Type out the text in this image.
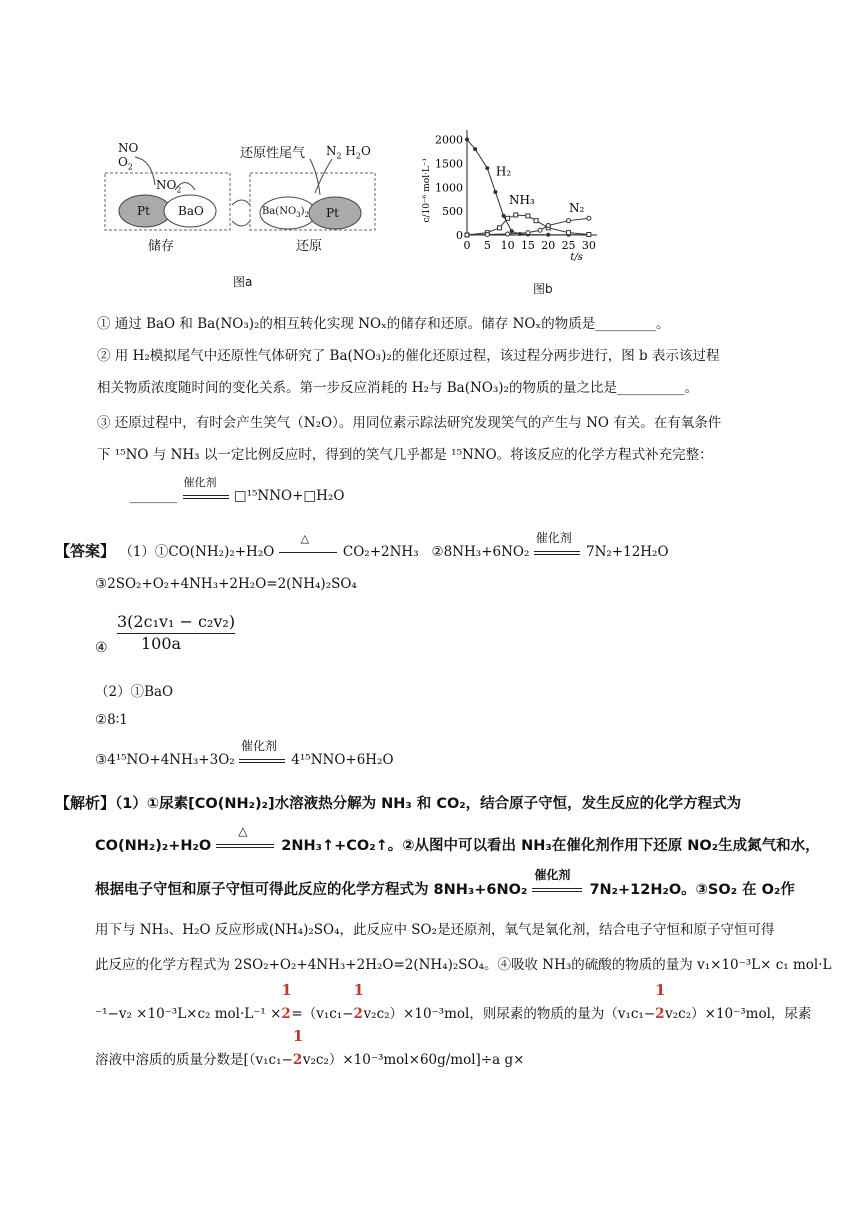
NO
$O_2$
$NO_2$
Pt BaO
还原性尾气 $N_2$ $H_2O$
$Ba(NO_3)_2$ Pt
储存	还原
图a
0
500
1000
1500
2000
0 5 10 15 20 25 30
t/s
c/10⁻⁶ mol·L⁻¹	H₂
NH₃
N₂
图b
① 通过 BaO 和 Ba(NO₃)₂的相互转化实现 NOₓ的储存和还原。储存 NOₓ的物质是_________。
② 用 H₂模拟尾气中还原性气体研究了 Ba(NO₃)₂的催化还原过程，该过程分两步进行，图 b 表示该过程
相关物质浓度随时间的变化关系。第一步反应消耗的 H₂与 Ba(NO₃)₂的物质的量之比是__________。
③ 还原过程中，有时会产生笑气（N₂O）。用同位素示踪法研究发现笑气的产生与 NO 有关。在有氧条件
下 ¹⁵NO 与 NH₃ 以一定比例反应时，得到的笑气几乎都是 ¹⁵NNO。将该反应的化学方程式补充完整：
_______
催化剂
□¹⁵NNO+□H₂O
【答案】 （1）①CO(NH₂)₂+H₂O
△
CO₂+2NH₃ ②8NH₃+6NO₂
催化剂
7N₂+12H₂O
③2SO₂+O₂+4NH₃+2H₂O=2(NH₄)₂SO₄
④
3(2c₁v₁ − c₂v₂)
100a
（2）①BaO
②8∶1
③4¹⁵NO+4NH₃+3O₂
催化剂
4¹⁵NNO+6H₂O
【解析】（1）①尿素[CO(NH₂)₂]水溶液热分解为 NH₃ 和 CO₂，结合原子守恒，发生反应的化学方程式为
CO(NH₂)₂+H₂O
△
2NH₃↑+CO₂↑。②从图中可以看出 NH₃在催化剂作用下还原 NO₂生成氮气和水，
根据电子守恒和原子守恒可得此反应的化学方程式为 8NH₃+6NO₂
催化剂
7N₂+12H₂O。③SO₂ 在 O₂作
用下与 NH₃、H₂O 反应形成(NH₄)₂SO₄，此反应中 SO₂是还原剂，氧气是氧化剂，结合电子守恒和原子守恒可得
此反应的化学方程式为 2SO₂+O₂+4NH₃+2H₂O=2(NH₄)₂SO₄。④吸收 NH₃的硫酸的物质的量为 v₁×10⁻³L× c₁ mol·L
⁻¹−v₂ ×10⁻³L×c₂ mol·L⁻¹ ×
1
2=（v₁c₁−
1
2v₂c₂）×10⁻³mol，则尿素的物质的量为（v₁c₁−
1
2v₂c₂）×10⁻³mol，尿素
溶液中溶质的质量分数是[（v₁c₁−
1
2v₂c₂）×10⁻³mol×60g/mol]÷a g×
